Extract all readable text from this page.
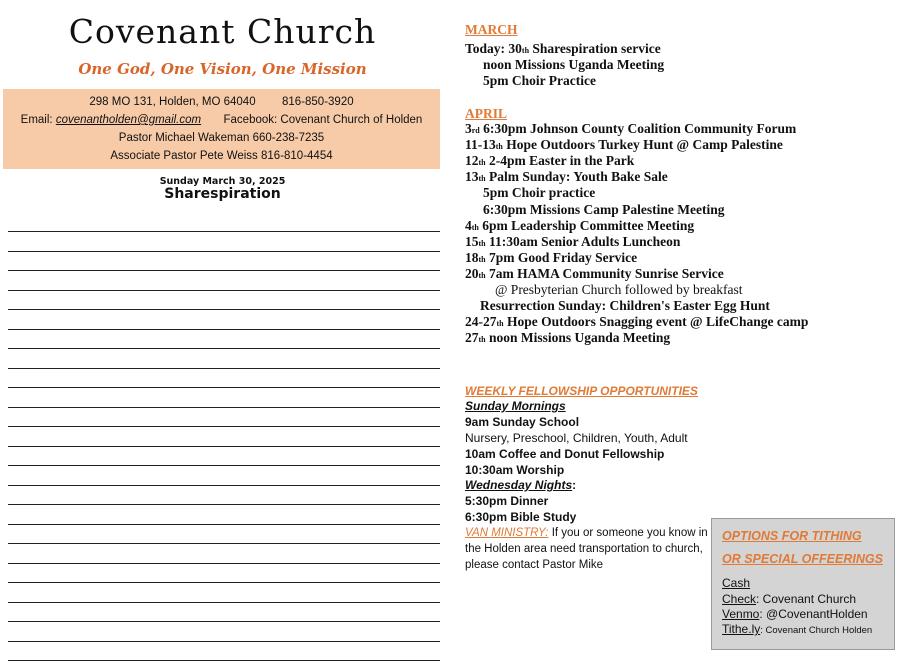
Covenant Church
One God, One Vision, One Mission
298 MO 131, Holden, MO 64040 816-850-3920
Email: covenantholden@gmail.com Facebook: Covenant Church of Holden
Pastor Michael Wakeman 660-238-7235
Associate Pastor Pete Weiss 816-810-4454
Sunday March 30, 2025
Sharespiration
MARCH
Today: 30th Sharespiration service
noon Missions Uganda Meeting
5pm Choir Practice
APRIL
3rd 6:30pm Johnson County Coalition Community Forum
11-13th Hope Outdoors Turkey Hunt @ Camp Palestine
12th 2-4pm Easter in the Park
13th Palm Sunday: Youth Bake Sale
5pm Choir practice
6:30pm Missions Camp Palestine Meeting
4th 6pm Leadership Committee Meeting
15th 11:30am Senior Adults Luncheon
18th 7pm Good Friday Service
20th 7am HAMA Community Sunrise Service
@ Presbyterian Church followed by breakfast
Resurrection Sunday: Children's Easter Egg Hunt
24-27th Hope Outdoors Snagging event @ LifeChange camp
27th noon Missions Uganda Meeting
WEEKLY FELLOWSHIP OPPORTUNITIES
Sunday Mornings
9am Sunday School
Nursery, Preschool, Children, Youth, Adult
10am Coffee and Donut Fellowship
10:30am Worship
Wednesday Nights:
5:30pm Dinner
6:30pm Bible Study
VAN MINISTRY: If you or someone you know in the Holden area need transportation to church, please contact Pastor Mike
OPTIONS FOR TITHING
OR SPECIAL OFFEERINGS
Cash
Check: Covenant Church
Venmo: @CovenantHolden
Tithe.ly: Covenant Church Holden
